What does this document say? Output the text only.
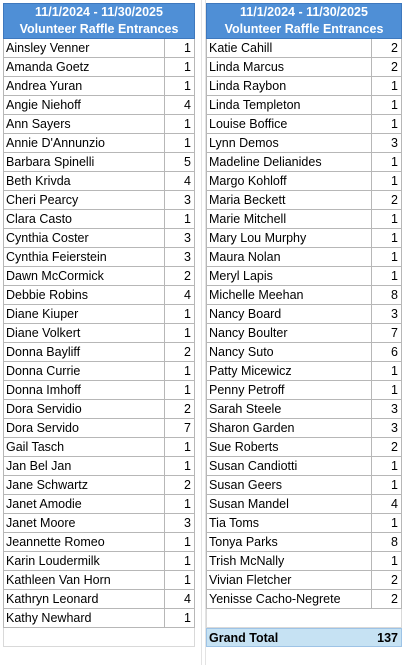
11/1/2024 - 11/30/2025
Volunteer Raffle Entrances
Ainsley Venner	1
Amanda Goetz	1
Andrea Yuran	1
Angie Niehoff	4
Ann Sayers	1
Annie D'Annunzio	1
Barbara Spinelli	5
Beth Krivda	4
Cheri Pearcy	3
Clara Casto	1
Cynthia Coster	3
Cynthia Feierstein	3
Dawn McCormick	2
Debbie Robins	4
Diane Kiuper	1
Diane Volkert	1
Donna Bayliff	2
Donna Currie	1
Donna Imhoff	1
Dora Servidio	2
Dora Servido	7
Gail Tasch	1
Jan Bel Jan	1
Jane Schwartz	2
Janet Amodie	1
Janet Moore	3
Jeannette Romeo	1
Karin Loudermilk	1
Kathleen Van Horn	1
Kathryn Leonard	4
Kathy Newhard	1
11/1/2024 - 11/30/2025
Volunteer Raffle Entrances
Katie Cahill	2
Linda Marcus	2
Linda Raybon	1
Linda Templeton	1
Louise Boffice	1
Lynn Demos	3
Madeline Delianides	1
Margo Kohloff	1
Maria Beckett	2
Marie Mitchell	1
Mary Lou Murphy	1
Maura Nolan	1
Meryl Lapis	1
Michelle Meehan	8
Nancy Board	3
Nancy Boulter	7
Nancy Suto	6
Patty Micewicz	1
Penny Petroff	1
Sarah Steele	3
Sharon Garden	3
Sue Roberts	2
Susan Candiotti	1
Susan Geers	1
Susan Mandel	4
Tia Toms	1
Tonya Parks	8
Trish McNally	1
Vivian Fletcher	2
Yenisse Cacho-Negrete	2
Grand Total	137
